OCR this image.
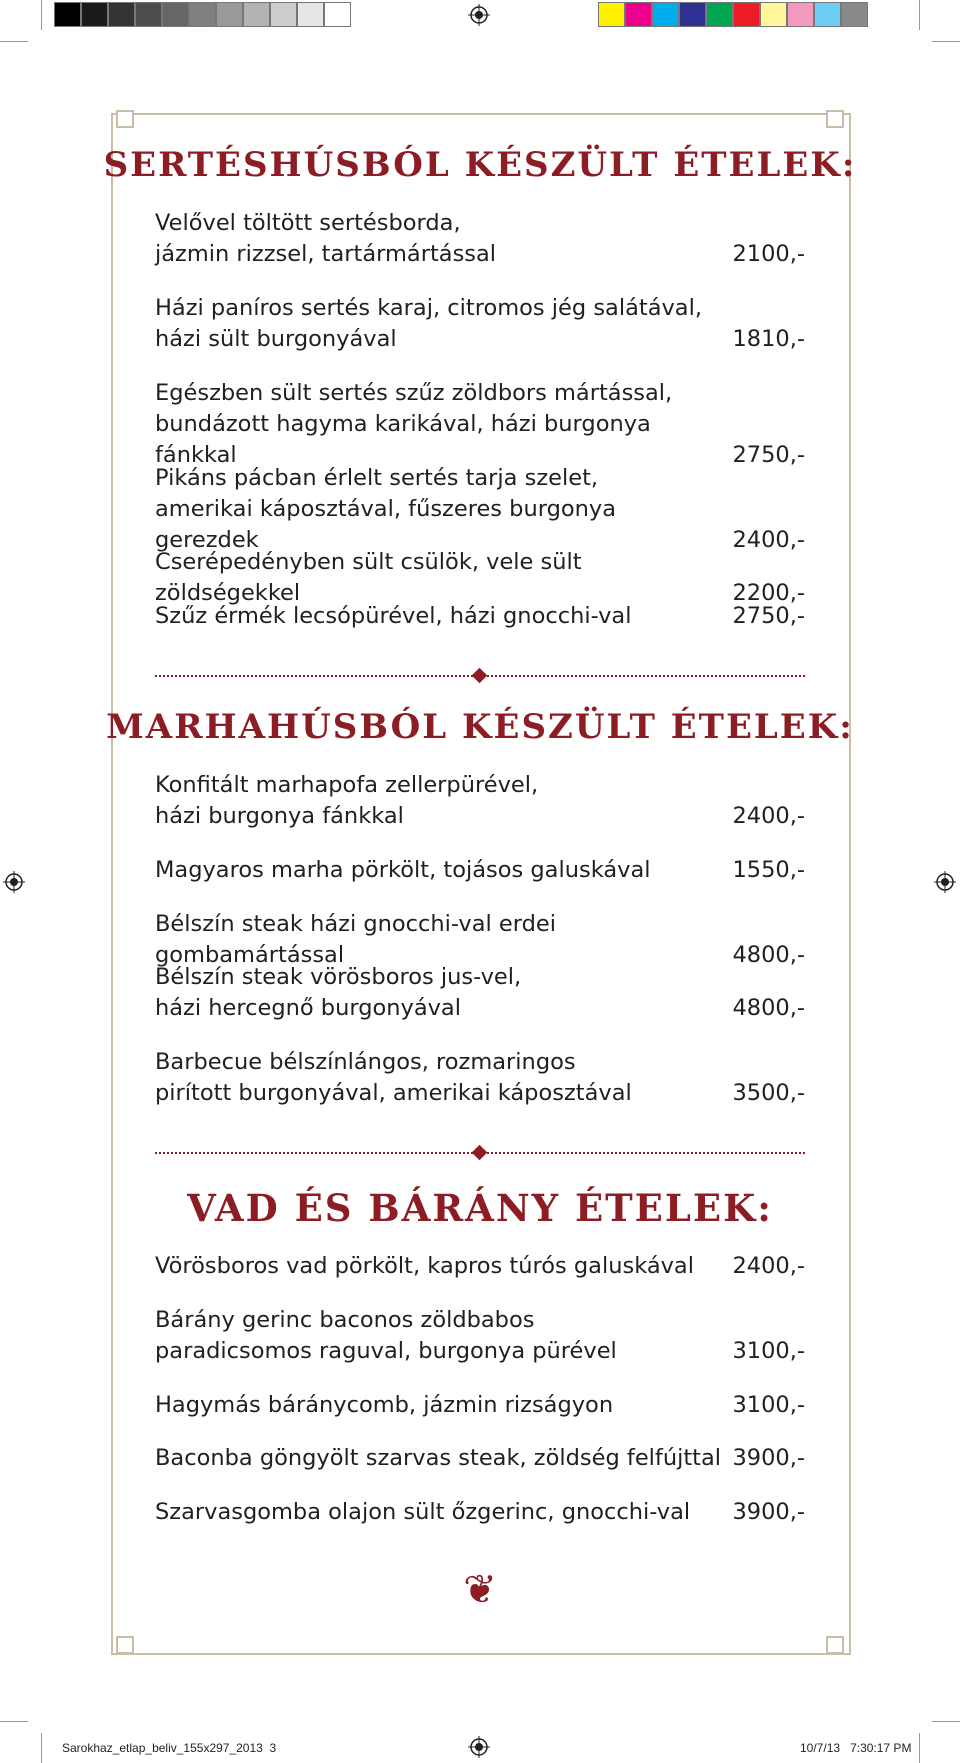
SERTÉSHÚSBÓL KÉSZÜLT ÉTELEK:
Velővel töltött sertésborda,
jázmin rizzsel, tartármártással	2100,-
Házi paníros sertés karaj, citromos jég salátával,
házi sült burgonyával	1810,-
Egészben sült sertés szűz zöldbors mártással,
bundázott hagyma karikával, házi burgonya fánkkal	2750,-
Pikáns pácban érlelt sertés tarja szelet,
amerikai káposztával, fűszeres burgonya gerezdek	2400,-
Cserépedényben sült csülök, vele sült zöldségekkel	2200,-
Szűz érmék lecsópürével, házi gnocchi-val	2750,-
MARHAHÚSBÓL KÉSZÜLT ÉTELEK:
Konfitált marhapofa zellerpürével,
házi burgonya fánkkal	2400,-
Magyaros marha pörkölt, tojásos galuskával	1550,-
Bélszín steak házi gnocchi-val erdei gombamártással	4800,-
Bélszín steak vörösboros jus-vel,
házi hercegnő burgonyával	4800,-
Barbecue bélszínlángos, rozmaringos
pirított burgonyával, amerikai káposztával	3500,-
VAD ÉS BÁRÁNY ÉTELEK:
Vörösboros vad pörkölt, kapros túrós galuskával	2400,-
Bárány gerinc baconos zöldbabos
paradicsomos raguval, burgonya pürével	3100,-
Hagymás báránycomb, jázmin rizságyon	3100,-
Baconba göngyölt szarvas steak, zöldség felfújttal 3900,-
Szarvasgomba olajon sült őzgerinc, gnocchi-val	3900,-
❦
Sarokhaz_etlap_beliv_155x297_2013 3	10/7/13 7:30:17 PM
